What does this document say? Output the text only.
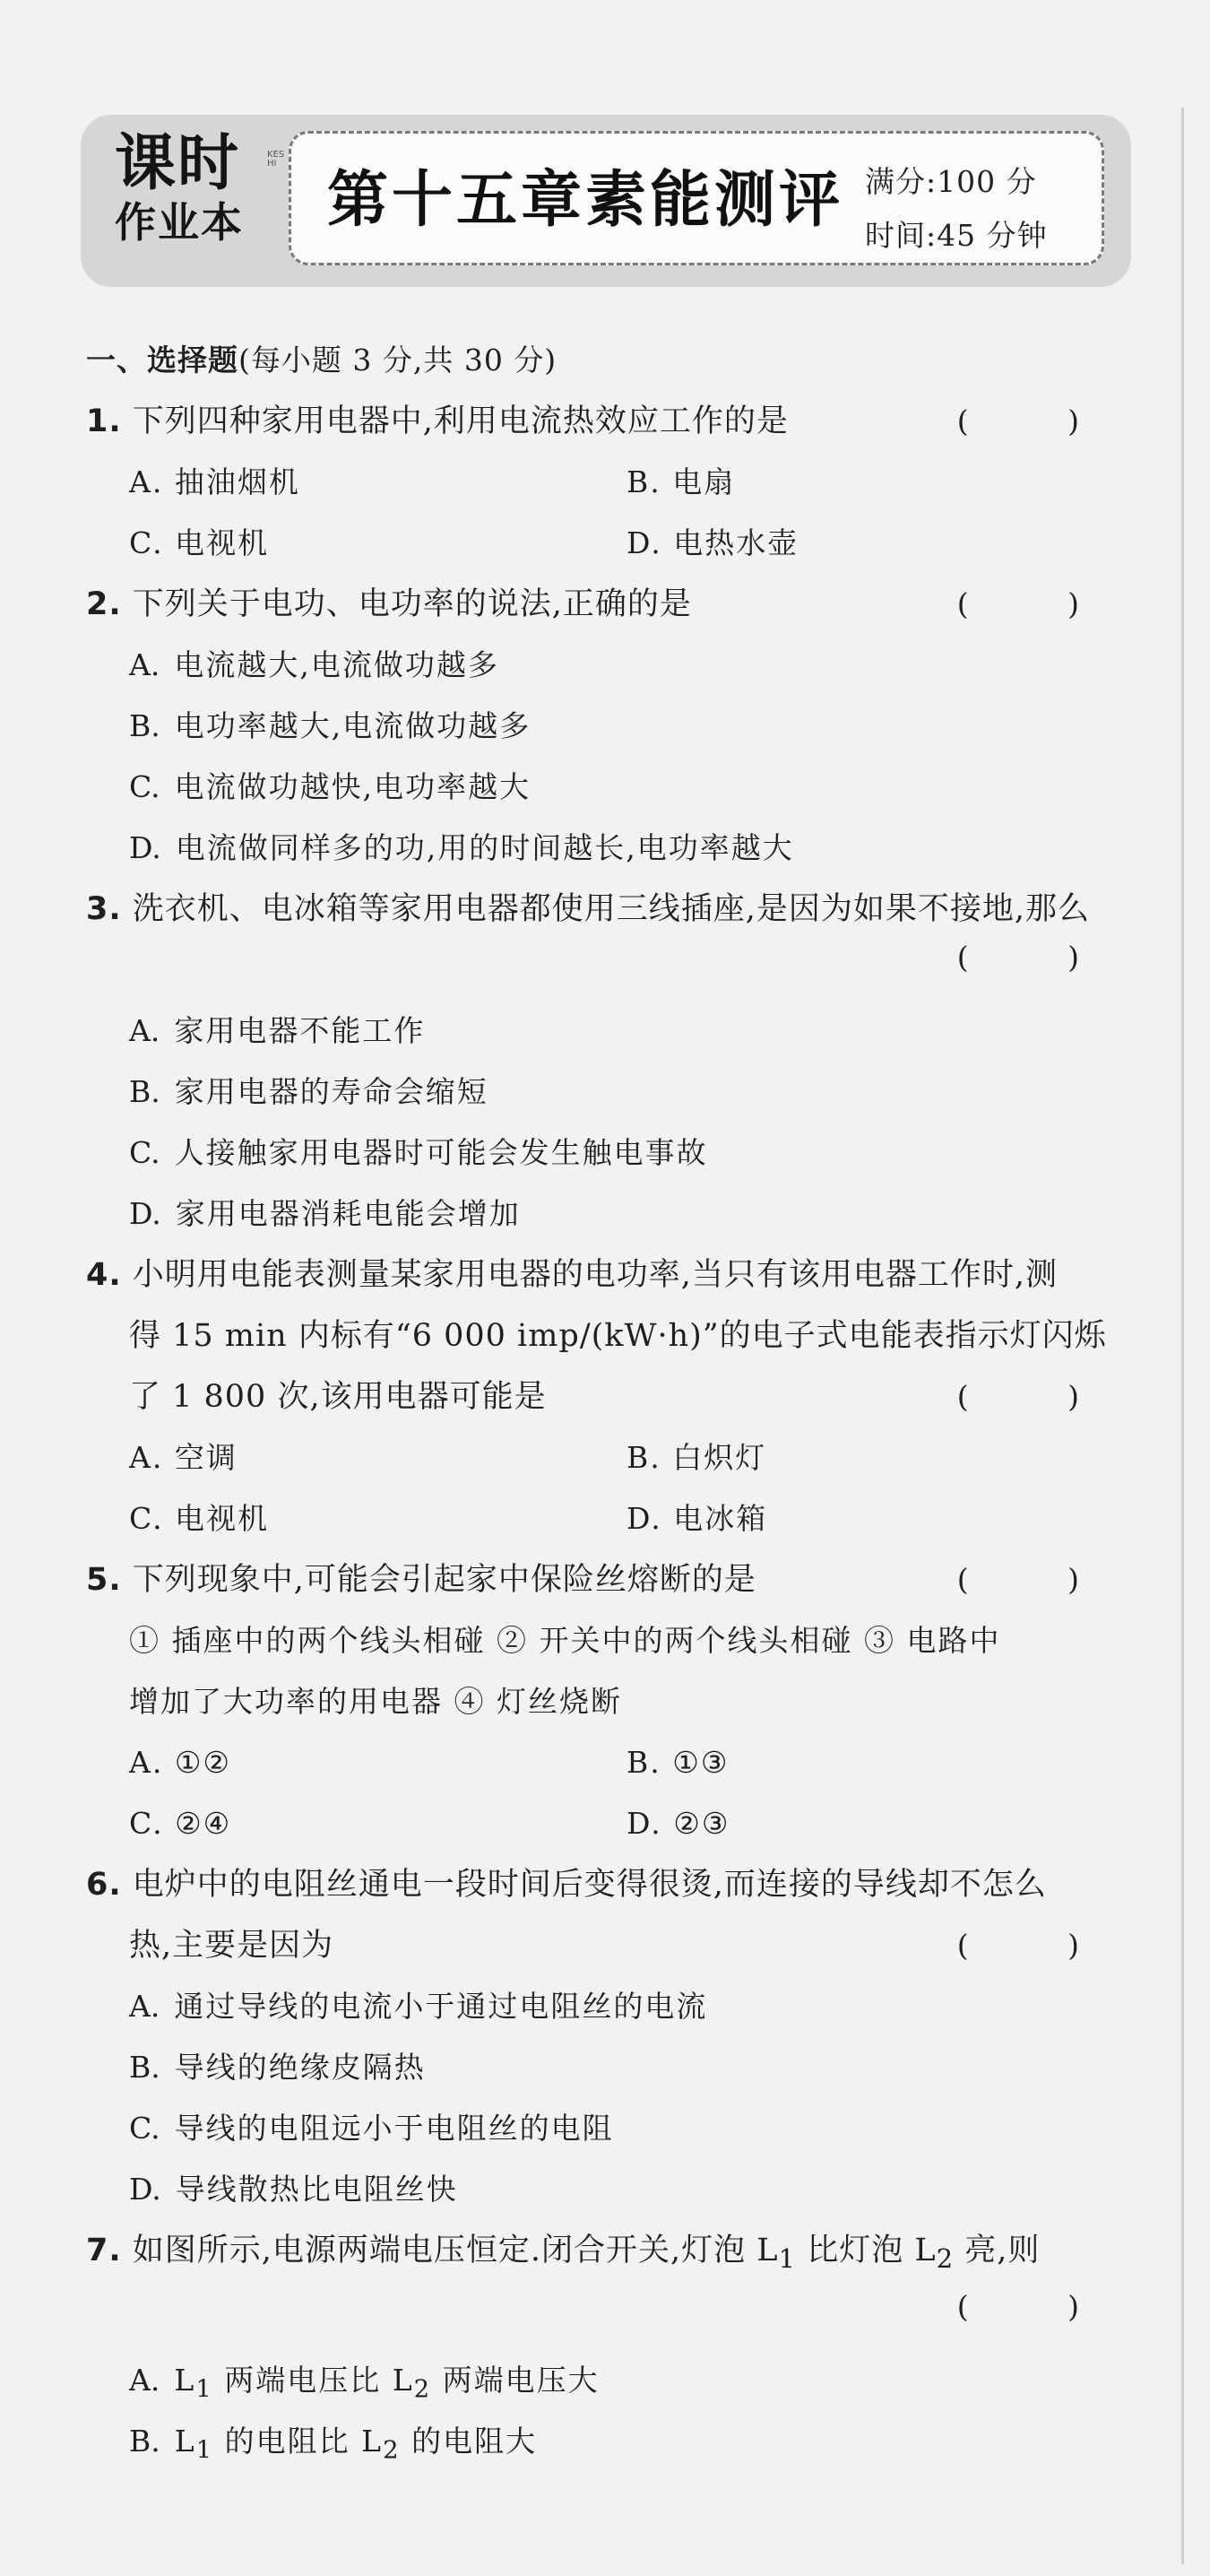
课时
作业本
KESHI
第十五章素能测评 满分:100 分
时间:45 分钟
一、选择题(每小题 3 分,共 30 分)
1. 下列四种家用电器中,利用电流热效应工作的是	( )
A. 抽油烟机	B. 电扇
C. 电视机	D. 电热水壶
2. 下列关于电功、电功率的说法,正确的是	( )
A. 电流越大,电流做功越多
B. 电功率越大,电流做功越多
C. 电流做功越快,电功率越大
D. 电流做同样多的功,用的时间越长,电功率越大
3. 洗衣机、电冰箱等家用电器都使用三线插座,是因为如果不接地,那么
( )
A. 家用电器不能工作
B. 家用电器的寿命会缩短
C. 人接触家用电器时可能会发生触电事故
D. 家用电器消耗电能会增加
4. 小明用电能表测量某家用电器的电功率,当只有该用电器工作时,测
得 15 min 内标有“6 000 imp/(kW·h)”的电子式电能表指示灯闪烁
了 1 800 次,该用电器可能是	( )
A. 空调	B. 白炽灯
C. 电视机	D. 电冰箱
5. 下列现象中,可能会引起家中保险丝熔断的是	( )
① 插座中的两个线头相碰 ② 开关中的两个线头相碰 ③ 电路中
增加了大功率的用电器 ④ 灯丝烧断
A. ①②	B. ①③
C. ②④	D. ②③
6. 电炉中的电阻丝通电一段时间后变得很烫,而连接的导线却不怎么
热,主要是因为	( )
A. 通过导线的电流小于通过电阻丝的电流
B. 导线的绝缘皮隔热
C. 导线的电阻远小于电阻丝的电阻
D. 导线散热比电阻丝快
7. 如图所示,电源两端电压恒定.闭合开关,灯泡 $L_1$ 比灯泡 $L_2$ 亮,则
( )
A. $L_1$ 两端电压比 $L_2$ 两端电压大
B. $L_1$ 的电阻比 $L_2$ 的电阻大
